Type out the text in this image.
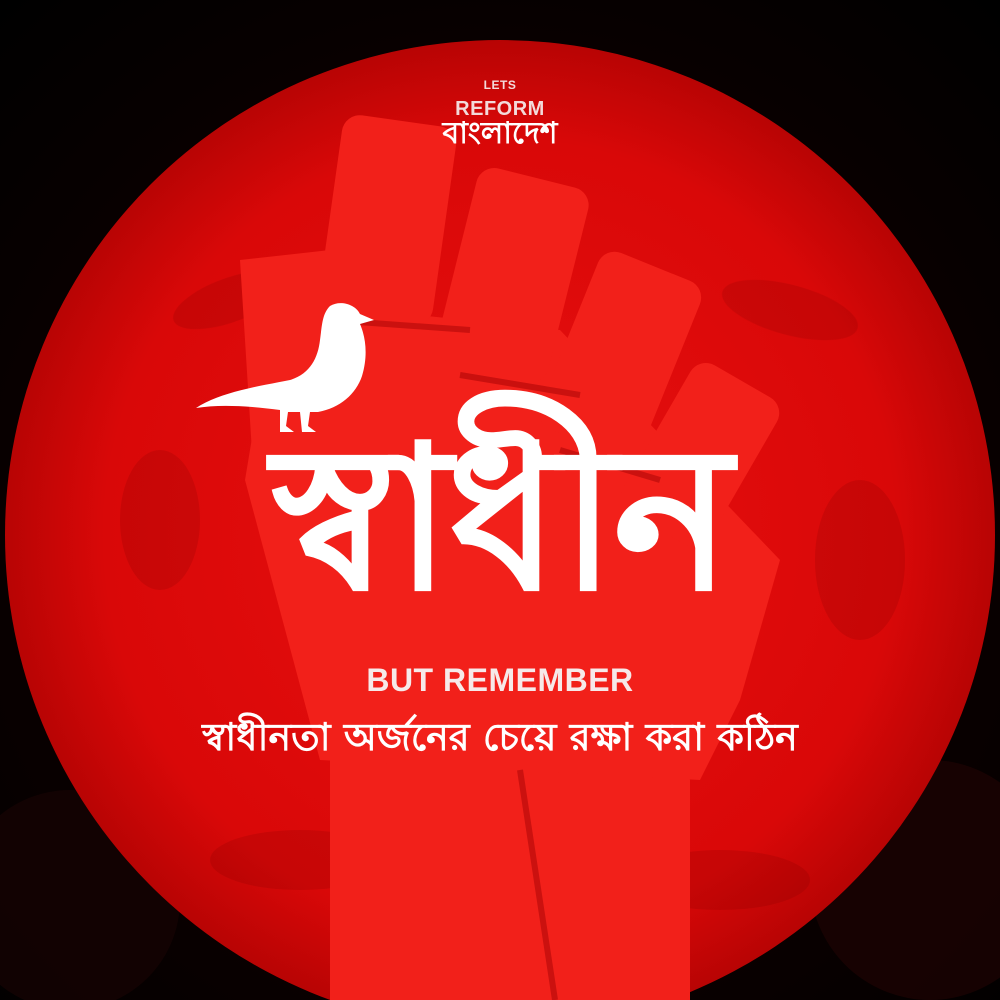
LETS
REFORM
বাংলাদেশ
স্বাধীন
BUT REMEMBER
স্বাধীনতা অর্জনের চেয়ে রক্ষা করা কঠিন
